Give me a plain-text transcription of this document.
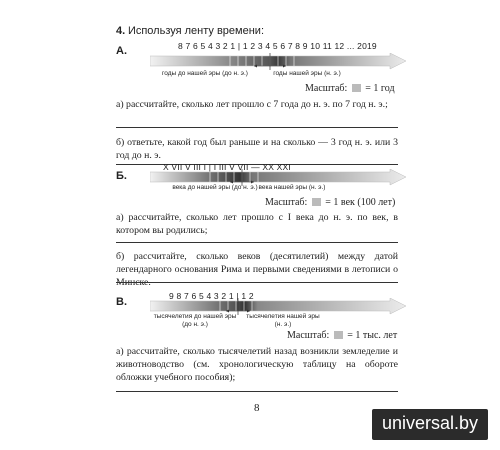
4. Используя ленту времени:
А.	8 7 6 5 4 3 2 1 | 1 2 3 4 5 6 7 8 9 10 11 12 ... 2019
годы до нашей эры (до н. э.)	годы нашей эры (н. э.)
Масштаб: = 1 год
а) рассчитайте, сколько лет прошло с 7 года до н. э. по 7 год н. э.;
б) ответьте, какой год был раньше и на сколько — 3 год н. э. или 3 год до н. э.
Б.
X VII V III I | I III V VII — XX XXI
века до нашей эры (до н. э.) века нашей эры (н. э.)
Масштаб: = 1 век (100 лет)
а) рассчитайте, сколько лет прошло с I века до н. э. по век, в котором вы родились;
б) рассчитайте, сколько веков (десятилетий) между датой легендарного основания Рима и первыми сведениями в летописи о Минске.
В.	9 8 7 6 5 4 3 2 1 | 1 2
тысячелетия до нашей эры
(до н. э.)
тысячелетия нашей эры
(н. э.)
Масштаб: = 1 тыс. лет
а) рассчитайте, сколько тысячелетий назад возникли земледелие и животноводство (см. хронологическую таблицу на обороте обложки учебного пособия);
8
universal.by
